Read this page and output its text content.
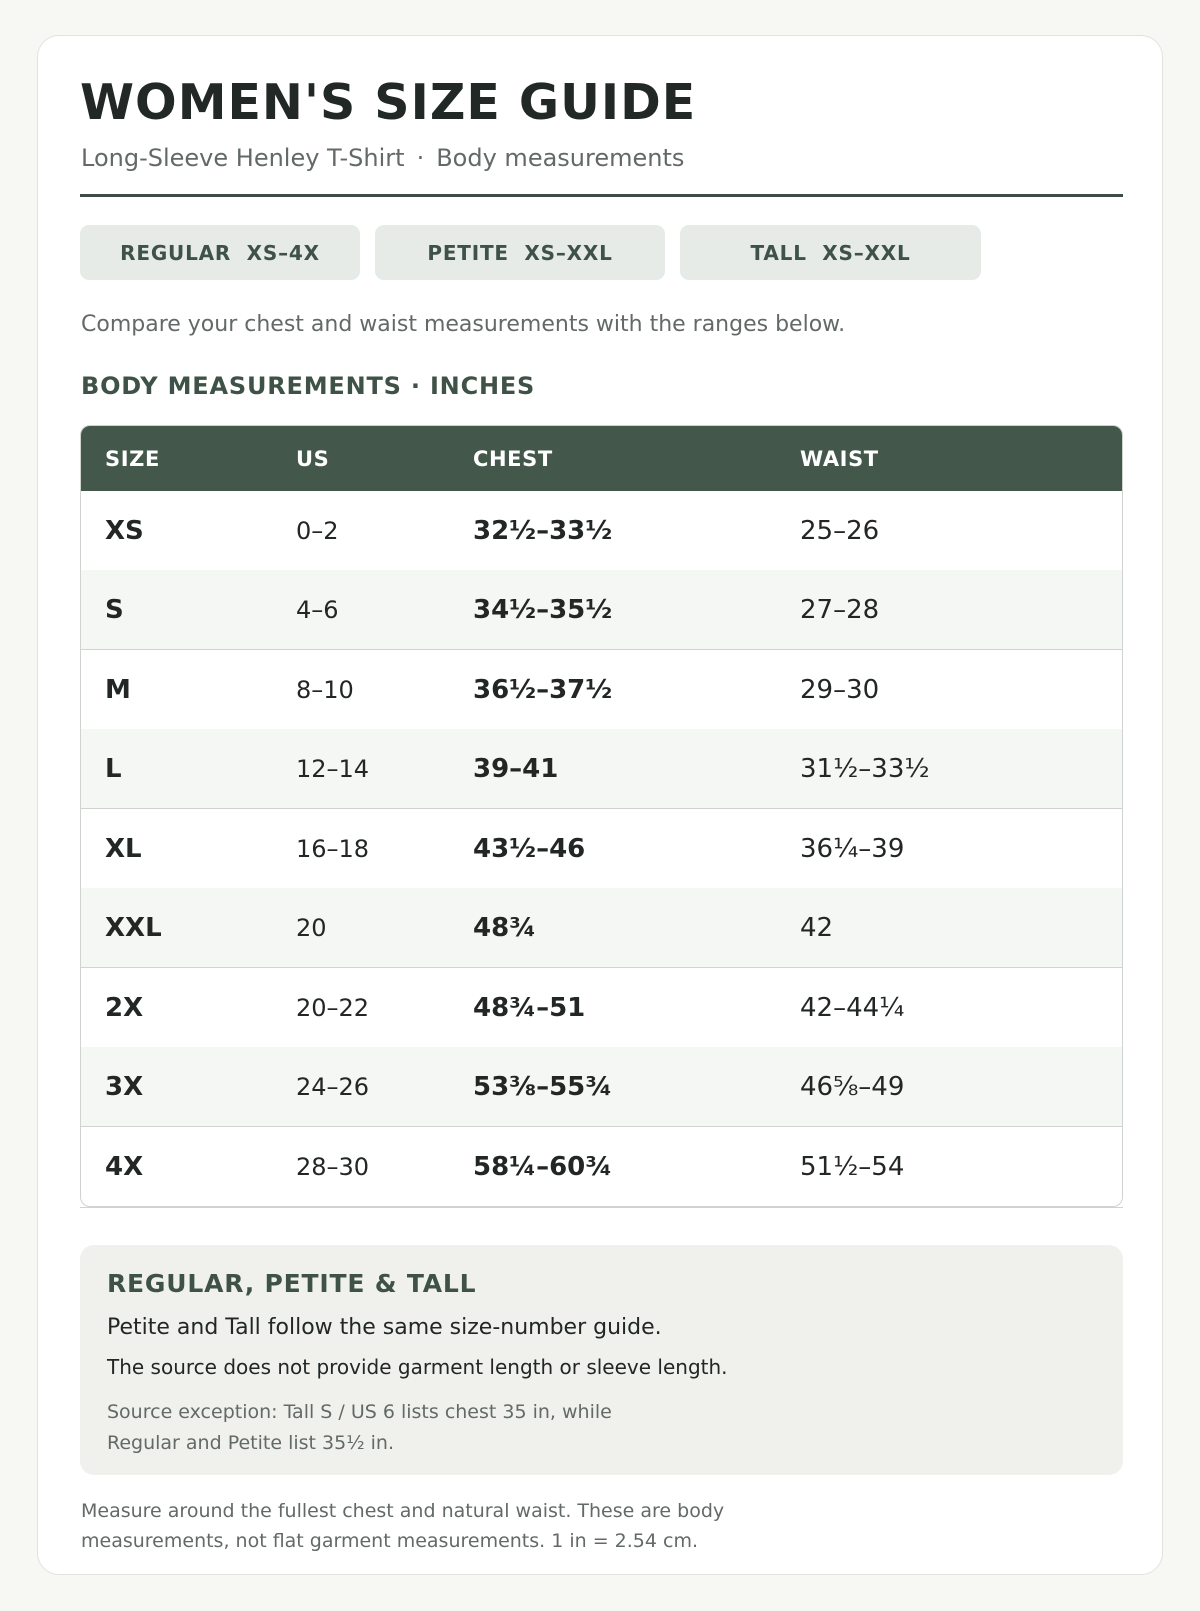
WOMEN'S SIZE GUIDE
Long-Sleeve Henley T-Shirt · Body measurements
REGULAR  XS–4X	PETITE  XS–XXL	TALL  XS–XXL
Compare your chest and waist measurements with the ranges below.
BODY MEASUREMENTS · INCHES
SIZE	US	CHEST	WAIST
XS	0–2	32½–33½	25–26
S	4–6	34½–35½	27–28
M	8–10	36½–37½	29–30
L	12–14	39–41	31½–33½
XL	16–18	43½–46	36¼–39
XXL	20	48¾	42
2X	20–22	48¾–51	42–44¼
3X	24–26	53⅜–55¾	46⅝–49
4X	28–30	58¼–60¾	51½–54
REGULAR, PETITE & TALL
Petite and Tall follow the same size-number guide.
The source does not provide garment length or sleeve length.
Source exception: Tall S / US 6 lists chest 35 in, while Regular and Petite list 35½ in.
Measure around the fullest chest and natural waist. These are body measurements, not flat garment measurements. 1 in = 2.54 cm.
